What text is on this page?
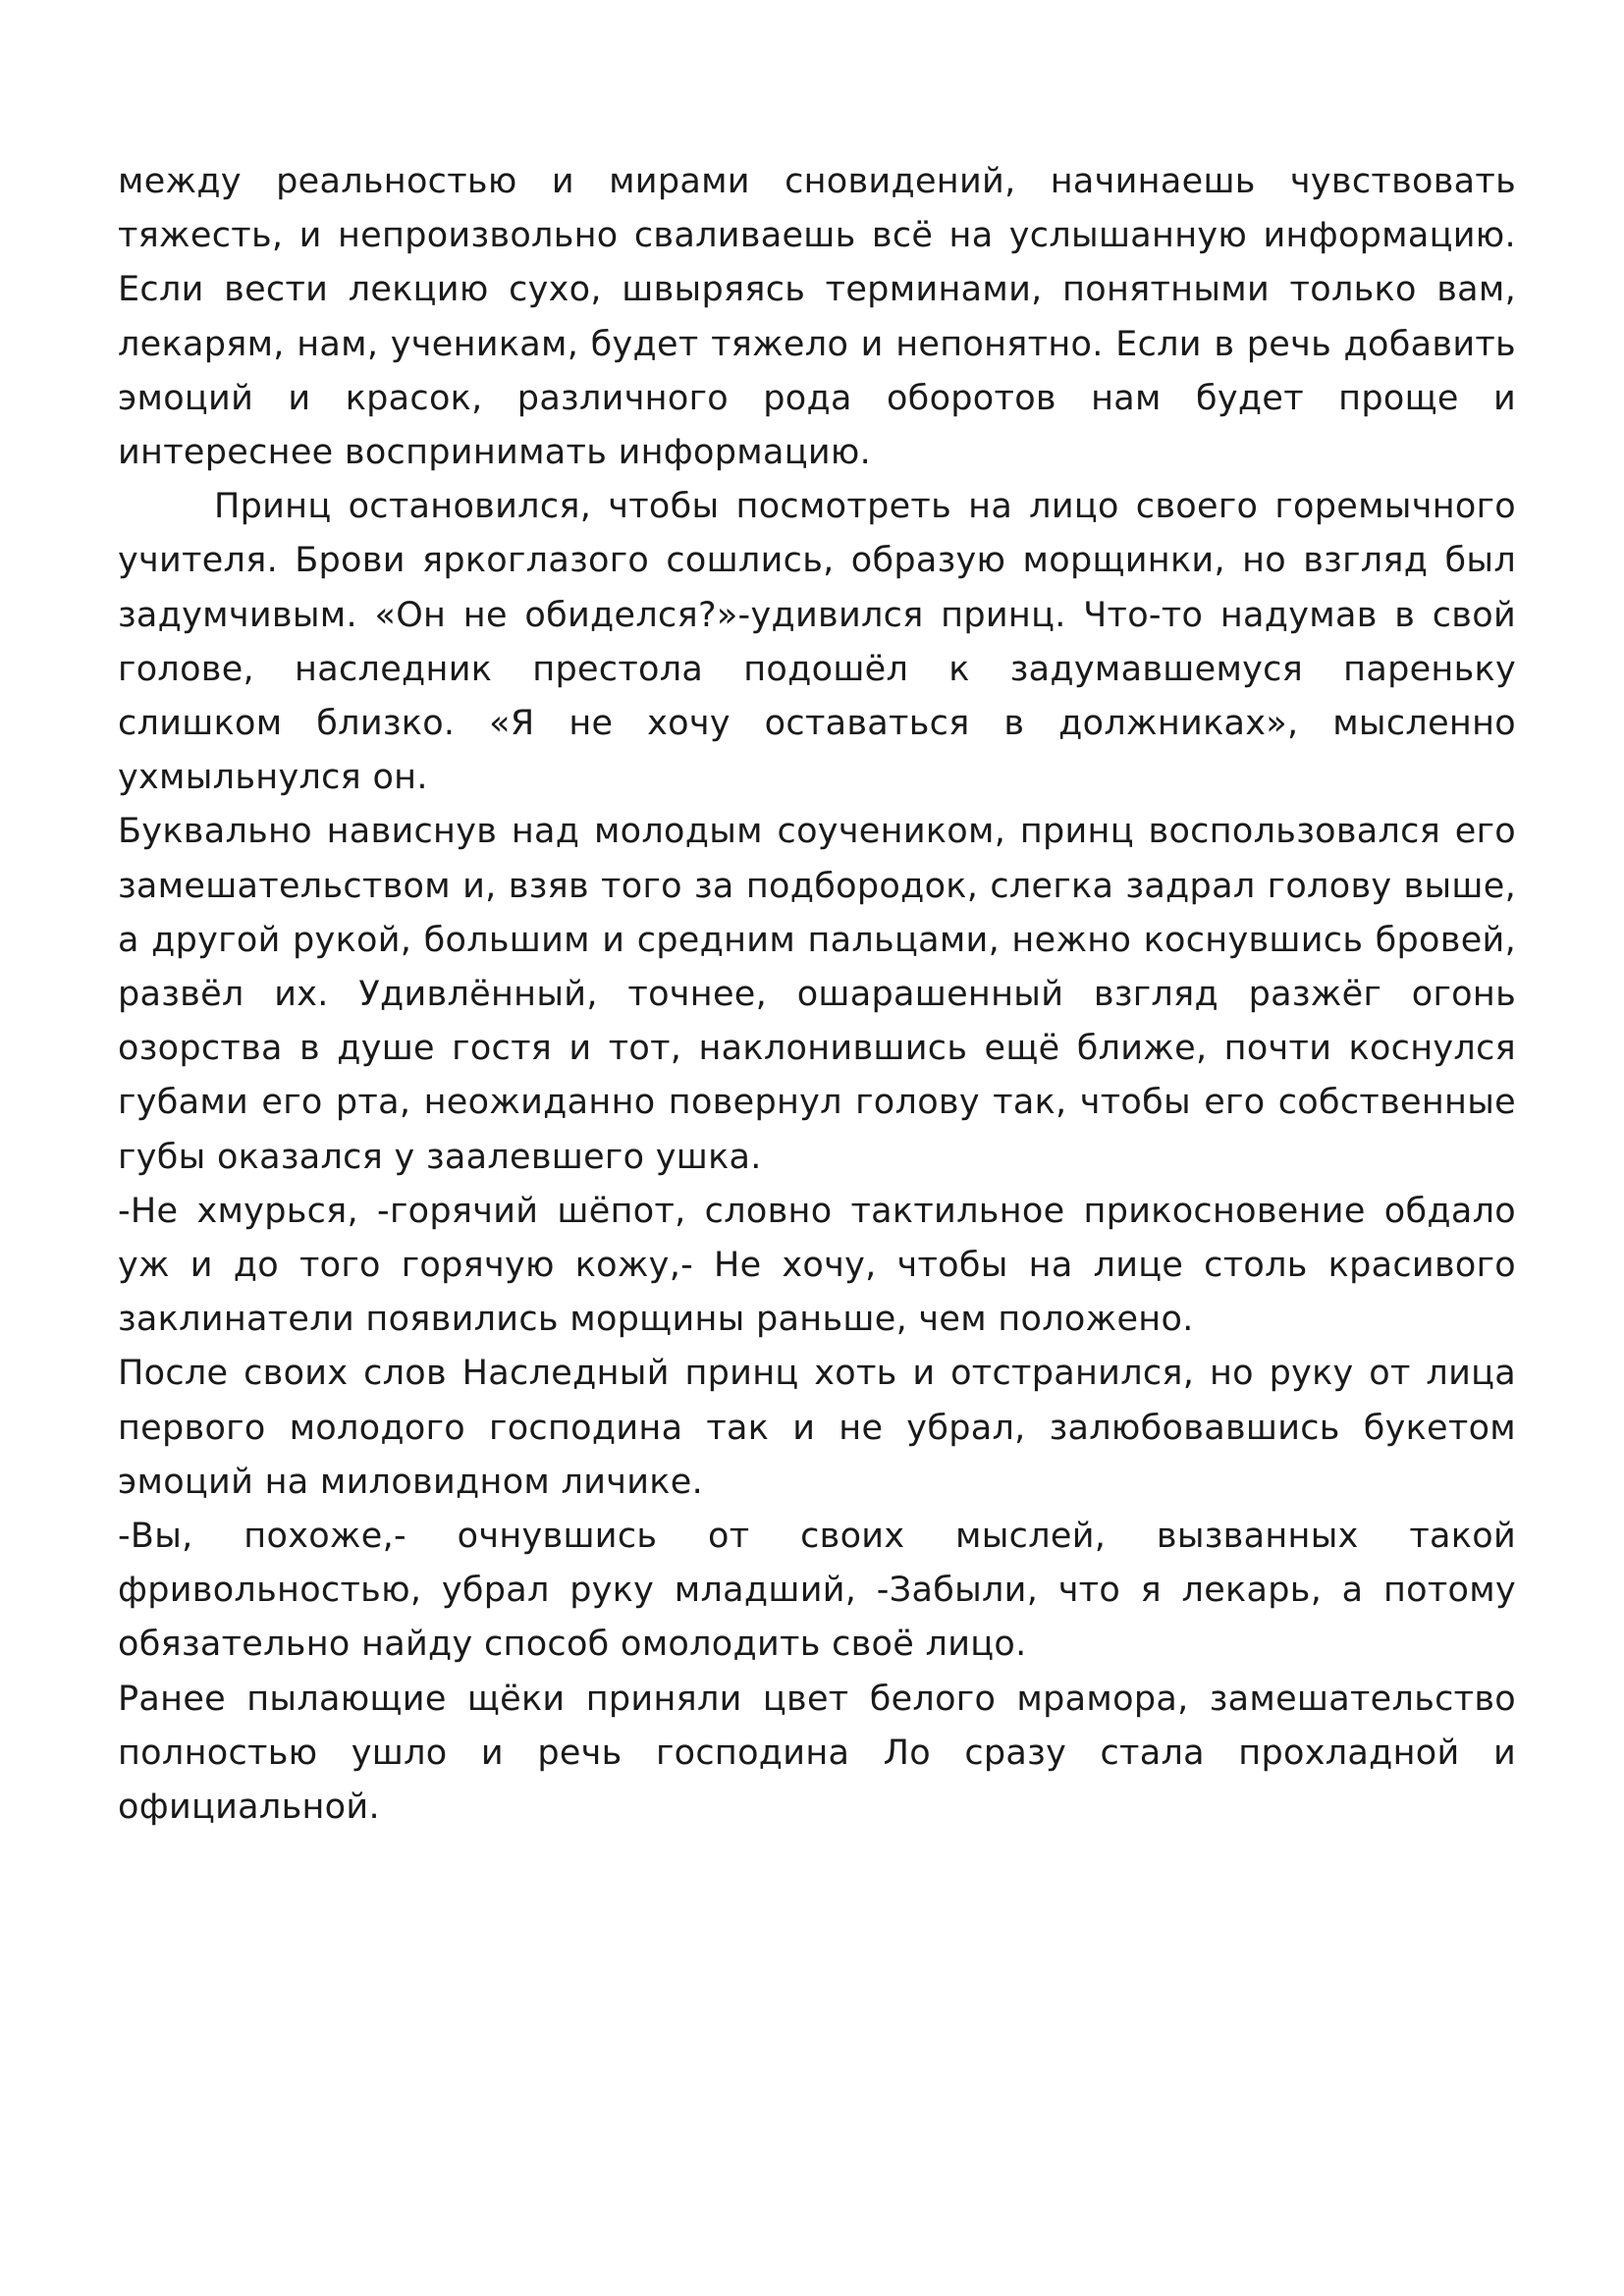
между реальностью и мирами сновидений, начинаешь чувствовать тяжесть, и непроизвольно сваливаешь всё на услышанную информацию. Если вести лекцию сухо, швыряясь терминами, понятными только вам, лекарям, нам, ученикам, будет тяжело и непонятно. Если в речь добавить эмоций и красок, различного рода оборотов нам будет проще и интереснее воспринимать информацию.

Принц остановился, чтобы посмотреть на лицо своего горемычного учителя. Брови яркоглазого сошлись, образую морщинки, но взгляд был задумчивым. «Он не обиделся?»-удивился принц. Что-то надумав в свой голове, наследник престола подошёл к задумавшемуся пареньку слишком близко. «Я не хочу оставаться в должниках», мысленно ухмыльнулся он.

Буквально нависнув над молодым соучеником, принц воспользовался его замешательством и, взяв того за подбородок, слегка задрал голову выше, а другой рукой, большим и средним пальцами, нежно коснувшись бровей, развёл их. Удивлённый, точнее, ошарашенный взгляд разжёг огонь озорства в душе гостя и тот, наклонившись ещё ближе, почти коснулся губами его рта, неожиданно повернул голову так, чтобы его собственные губы оказался у заалевшего ушка.

-Не хмурься, -горячий шёпот, словно тактильное прикосновение обдало уж и до того горячую кожу,- Не хочу, чтобы на лице столь красивого заклинатели появились морщины раньше, чем положено.

После своих слов Наследный принц хоть и отстранился, но руку от лица первого молодого господина так и не убрал, залюбовавшись букетом эмоций на миловидном личике.

-Вы, похоже,- очнувшись от своих мыслей, вызванных такой фривольностью, убрал руку младший, -Забыли, что я лекарь, а потому обязательно найду способ омолодить своё лицо.

Ранее пылающие щёки приняли цвет белого мрамора, замешательство полностью ушло и речь господина Ло сразу стала прохладной и официальной.
